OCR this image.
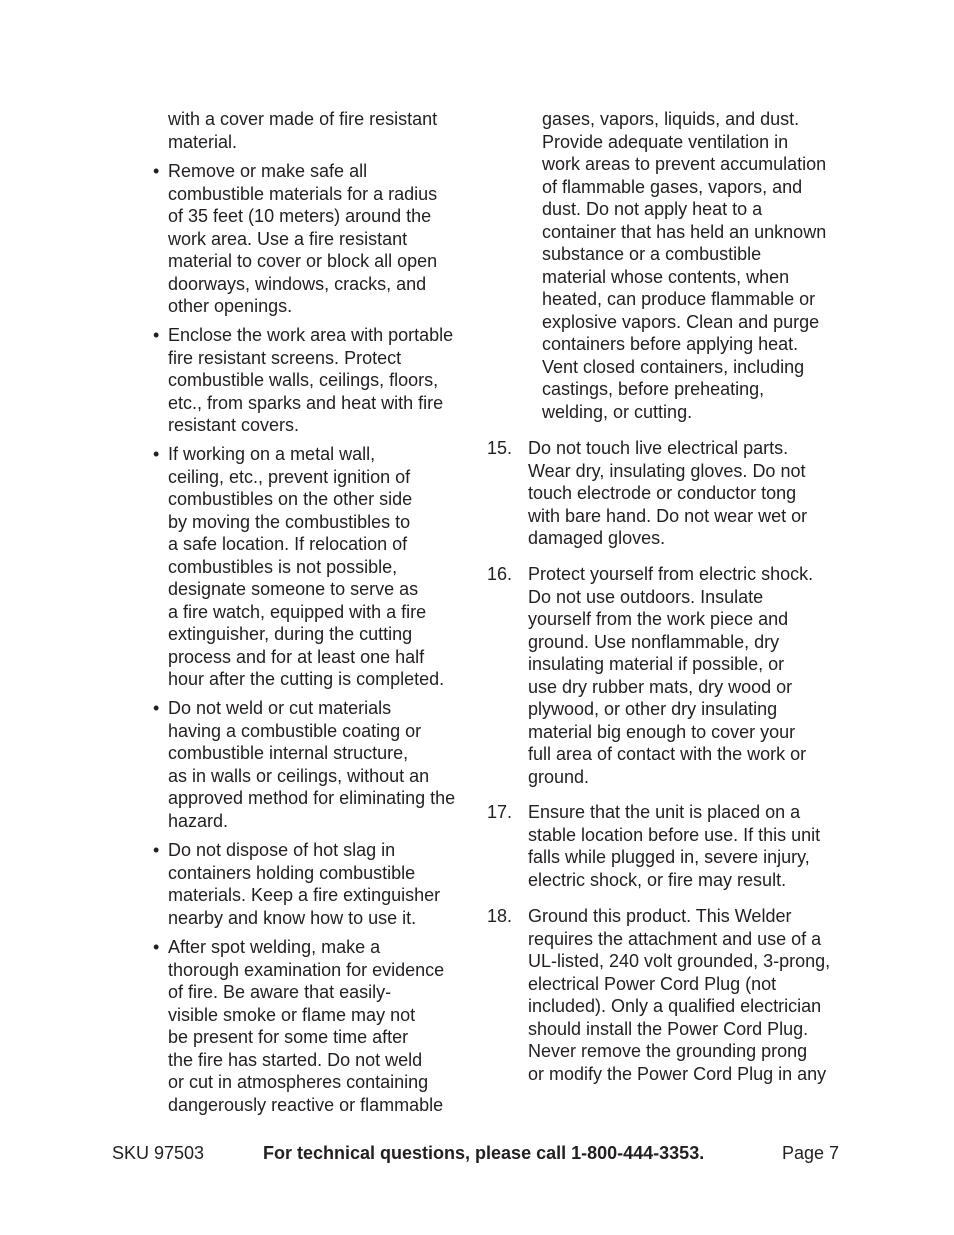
with a cover made of fire resistant
material.
• Remove or make safe all
combustible materials for a radius
of 35 feet (10 meters) around the
work area. Use a fire resistant
material to cover or block all open
doorways, windows, cracks, and
other openings.
• Enclose the work area with portable
fire resistant screens. Protect
combustible walls, ceilings, floors,
etc., from sparks and heat with fire
resistant covers.
• If working on a metal wall,
ceiling, etc., prevent ignition of
combustibles on the other side
by moving the combustibles to
a safe location. If relocation of
combustibles is not possible,
designate someone to serve as
a fire watch, equipped with a fire
extinguisher, during the cutting
process and for at least one half
hour after the cutting is completed.
• Do not weld or cut materials
having a combustible coating or
combustible internal structure,
as in walls or ceilings, without an
approved method for eliminating the
hazard.
• Do not dispose of hot slag in
containers holding combustible
materials. Keep a fire extinguisher
nearby and know how to use it.
• After spot welding, make a
thorough examination for evidence
of fire. Be aware that easily-
visible smoke or flame may not
be present for some time after
the fire has started. Do not weld
or cut in atmospheres containing
dangerously reactive or flammable
gases, vapors, liquids, and dust.
Provide adequate ventilation in
work areas to prevent accumulation
of flammable gases, vapors, and
dust. Do not apply heat to a
container that has held an unknown
substance or a combustible
material whose contents, when
heated, can produce flammable or
explosive vapors. Clean and purge
containers before applying heat.
Vent closed containers, including
castings, before preheating,
welding, or cutting.
15. Do not touch live electrical parts.
Wear dry, insulating gloves. Do not
touch electrode or conductor tong
with bare hand. Do not wear wet or
damaged gloves.
16. Protect yourself from electric shock.
Do not use outdoors. Insulate
yourself from the work piece and
ground. Use nonflammable, dry
insulating material if possible, or
use dry rubber mats, dry wood or
plywood, or other dry insulating
material big enough to cover your
full area of contact with the work or
ground.
17. Ensure that the unit is placed on a
stable location before use. If this unit
falls while plugged in, severe injury,
electric shock, or fire may result.
18. Ground this product. This Welder
requires the attachment and use of a
UL-listed, 240 volt grounded, 3-prong,
electrical Power Cord Plug (not
included). Only a qualified electrician
should install the Power Cord Plug.
Never remove the grounding prong
or modify the Power Cord Plug in any
SKU 97503	For technical questions, please call 1-800-444-3353.	Page 7
